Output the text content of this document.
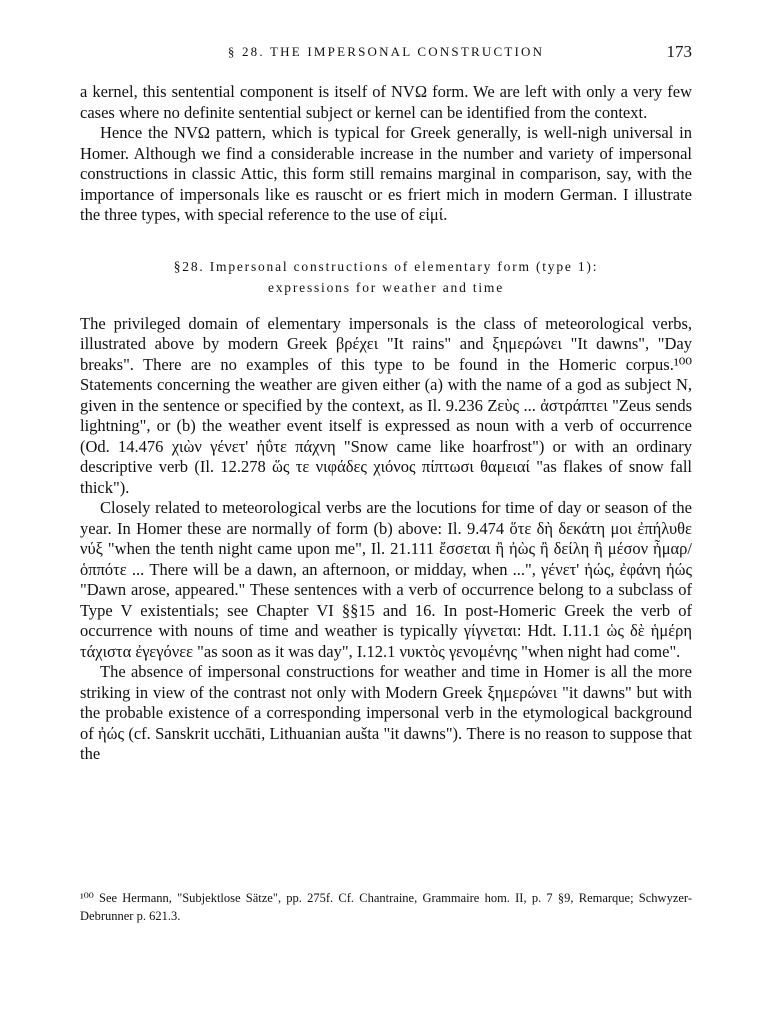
§ 28. THE IMPERSONAL CONSTRUCTION	173

a kernel, this sentential component is itself of NVΩ form. We are left with only a very few cases where no definite sentential subject or kernel can be identified from the context.

Hence the NVΩ pattern, which is typical for Greek generally, is well-nigh universal in Homer. Although we find a considerable increase in the number and variety of impersonal constructions in classic Attic, this form still remains marginal in comparison, say, with the importance of impersonals like es rauscht or es friert mich in modern German. I illustrate the three types, with special reference to the use of εἰμί.

§28. Impersonal constructions of elementary form (type 1):
expressions for weather and time

The privileged domain of elementary impersonals is the class of meteorological verbs, illustrated above by modern Greek βρέχει "It rains" and ξημερώνει "It dawns", "Day breaks". There are no examples of this type to be found in the Homeric corpus.¹⁰⁰ Statements concerning the weather are given either (a) with the name of a god as subject N, given in the sentence or specified by the context, as Il. 9.236 Ζεὺς ... ἀστράπτει "Zeus sends lightning", or (b) the weather event itself is expressed as noun with a verb of occurrence (Od. 14.476 χιὼν γένετ' ἠΰτε πάχνη "Snow came like hoarfrost") or with an ordinary descriptive verb (Il. 12.278 ὥς τε νιφάδες χιόνος πίπτωσι θαμειαί "as flakes of snow fall thick").

Closely related to meteorological verbs are the locutions for time of day or season of the year. In Homer these are normally of form (b) above: Il. 9.474 ὅτε δὴ δεκάτη μοι ἐπήλυθε νύξ "when the tenth night came upon me", Il. 21.111 ἔσσεται ἢ ἠὼς ἢ δείλη ἢ μέσον ἦμαρ/ὁππότε ... There will be a dawn, an afternoon, or midday, when ...", γένετ' ἠώς, ἐφάνη ἠώς "Dawn arose, appeared." These sentences with a verb of occurrence belong to a subclass of Type V existentials; see Chapter VI §§15 and 16. In post-Homeric Greek the verb of occurrence with nouns of time and weather is typically γίγνεται: Hdt. I.11.1 ὡς δὲ ἡμέρη τάχιστα ἐγεγόνεε "as soon as it was day", I.12.1 νυκτὸς γενομένης "when night had come".

The absence of impersonal constructions for weather and time in Homer is all the more striking in view of the contrast not only with Modern Greek ξημερώνει "it dawns" but with the probable existence of a corresponding impersonal verb in the etymological background of ἠώς (cf. Sanskrit ucchāti, Lithuanian aušta "it dawns"). There is no reason to suppose that the

¹⁰⁰ See Hermann, "Subjektlose Sätze", pp. 275f. Cf. Chantraine, Grammaire hom. II, p. 7 §9, Remarque; Schwyzer-Debrunner p. 621.3.
